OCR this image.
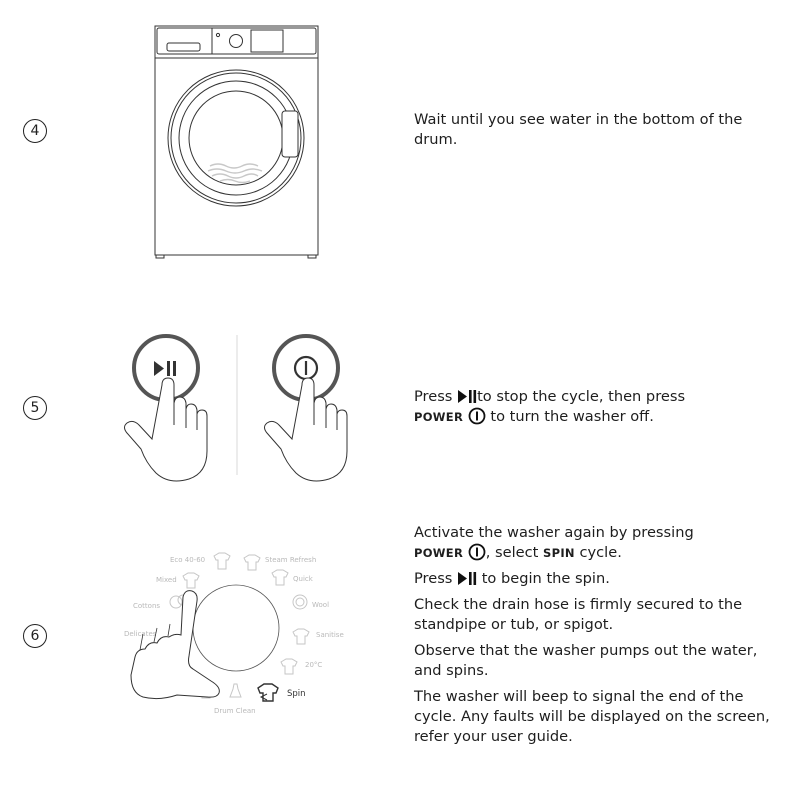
4

Wait until you see water in the bottom of the drum.

5

Press to stop the cycle, then press

POWER to turn the washer off.

6
Eco 40-60	Steam Refresh
Mixed	Quick
Cottons	Wool
Delicates	Sanitise
20°C
Drum Clean
Spin

Activate the washer again by pressing
POWER , select SPIN cycle.

Press to begin the spin.

Check the drain hose is firmly secured to the standpipe or tub, or spigot.

Observe that the washer pumps out the water, and spins.

The washer will beep to signal the end of the cycle. Any faults will be displayed on the screen, refer your user guide.
